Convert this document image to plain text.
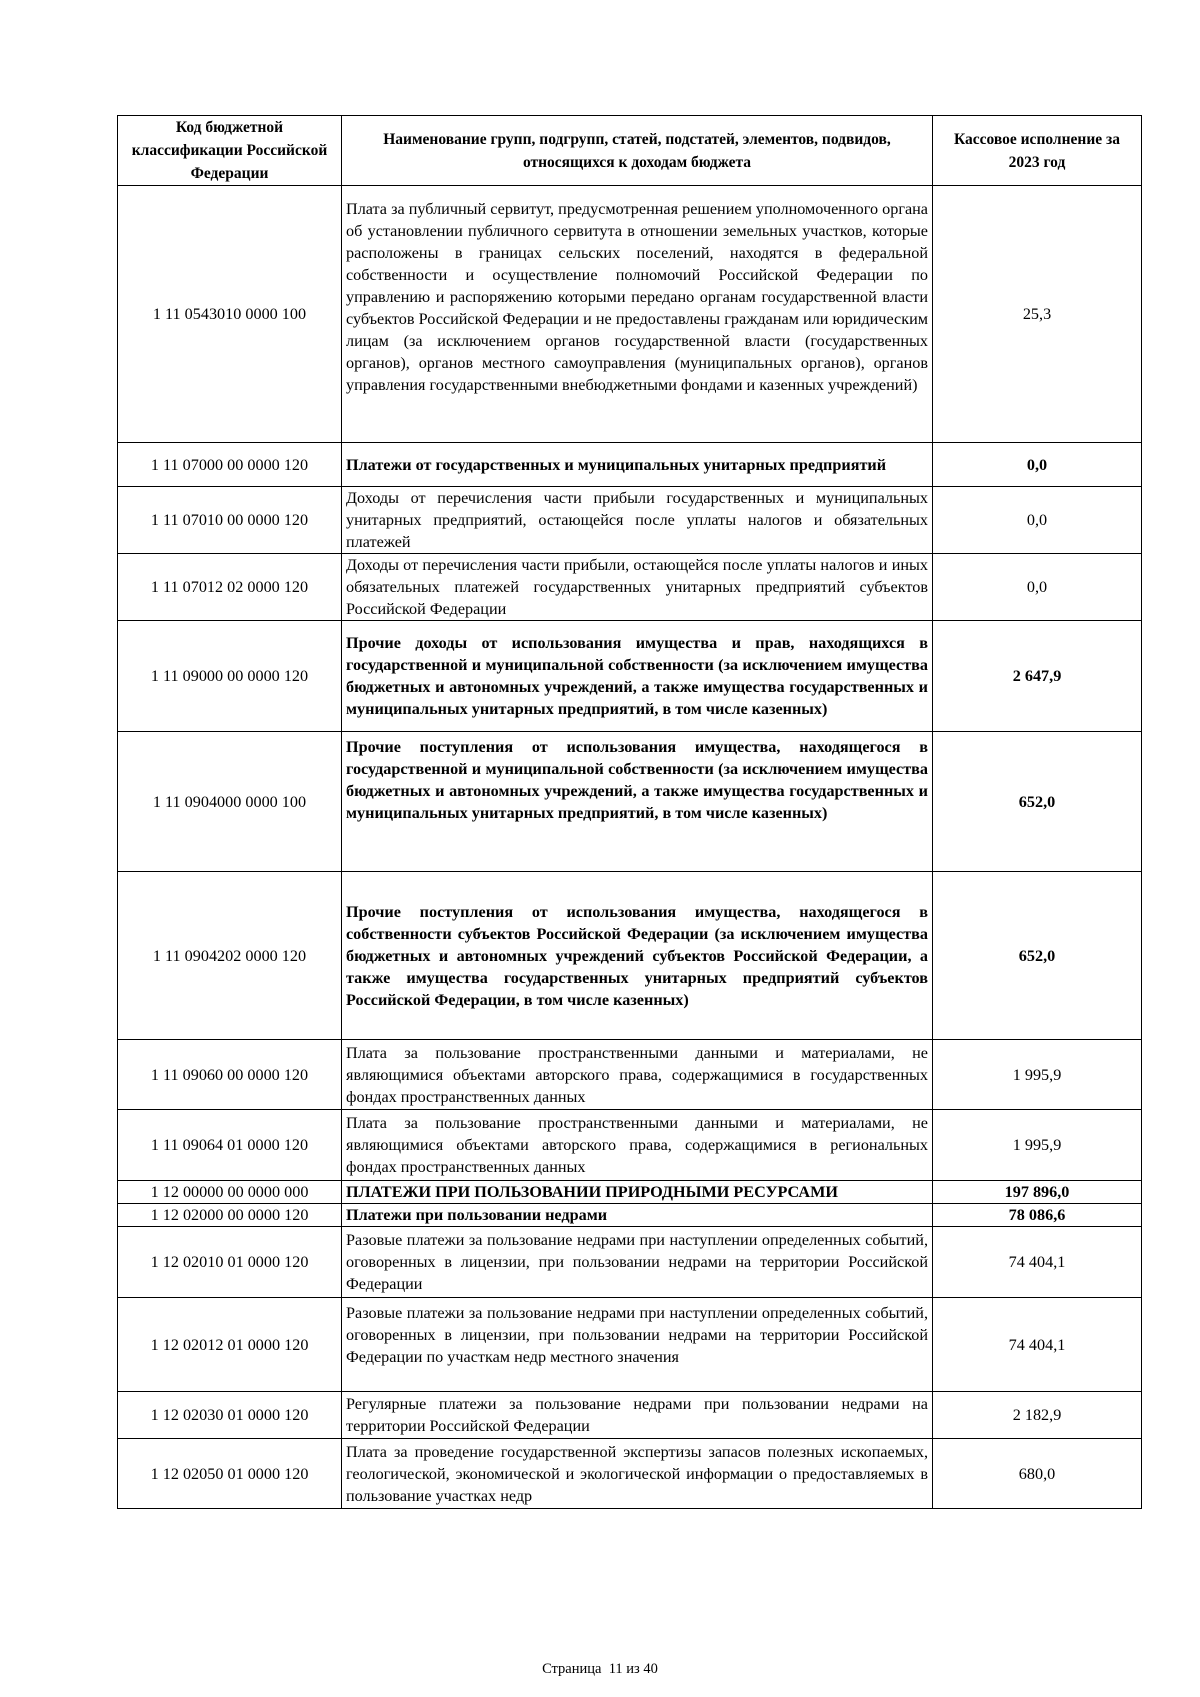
Код бюджетной классификации Российской Федерации	Наименование групп, подгрупп, статей, подстатей, элементов, подвидов, относящихся к доходам бюджета	Кассовое исполнение за 2023 год
1 11 0543010 0000 100	Плата за публичный сервитут, предусмотренная решением уполномоченного органа об установлении публичного сервитута в отношении земельных участков, которые расположены в границах сельских поселений, находятся в федеральной собственности и осуществление полномочий Российской Федерации по управлению и распоряжению которыми передано органам государственной власти субъектов Российской Федерации и не предоставлены гражданам или юридическим лицам (за исключением органов государственной власти (государственных органов), органов местного самоуправления (муниципальных органов), органов управления государственными внебюджетными фондами и казенных учреждений)	25,3
1 11 07000 00 0000 120	Платежи от государственных и муниципальных унитарных предприятий	0,0
1 11 07010 00 0000 120	Доходы от перечисления части прибыли государственных и муниципальных унитарных предприятий, остающейся после уплаты налогов и обязательных платежей	0,0
1 11 07012 02 0000 120	Доходы от перечисления части прибыли, остающейся после уплаты налогов и иных обязательных платежей государственных унитарных предприятий субъектов Российской Федерации	0,0
1 11 09000 00 0000 120	Прочие доходы от использования имущества и прав, находящихся в государственной и муниципальной собственности (за исключением имущества бюджетных и автономных учреждений, а также имущества государственных и муниципальных унитарных предприятий, в том числе казенных)	2 647,9
1 11 0904000 0000 100	Прочие поступления от использования имущества, находящегося в государственной и муниципальной собственности (за исключением имущества бюджетных и автономных учреждений, а также имущества государственных и муниципальных унитарных предприятий, в том числе казенных)	652,0
1 11 0904202 0000 120	Прочие поступления от использования имущества, находящегося в собственности субъектов Российской Федерации (за исключением имущества бюджетных и автономных учреждений субъектов Российской Федерации, а также имущества государственных унитарных предприятий субъектов Российской Федерации, в том числе казенных)	652,0
1 11 09060 00 0000 120	Плата за пользование пространственными данными и материалами, не являющимися объектами авторского права, содержащимися в государственных фондах пространственных данных	1 995,9
1 11 09064 01 0000 120	Плата за пользование пространственными данными и материалами, не являющимися объектами авторского права, содержащимися в региональных фондах пространственных данных	1 995,9
1 12 00000 00 0000 000	ПЛАТЕЖИ ПРИ ПОЛЬЗОВАНИИ ПРИРОДНЫМИ РЕСУРСАМИ	197 896,0
1 12 02000 00 0000 120	Платежи при пользовании недрами	78 086,6
1 12 02010 01 0000 120	Разовые платежи за пользование недрами при наступлении определенных событий, оговоренных в лицензии, при пользовании недрами на территории Российской Федерации	74 404,1
1 12 02012 01 0000 120	Разовые платежи за пользование недрами при наступлении определенных событий, оговоренных в лицензии, при пользовании недрами на территории Российской Федерации по участкам недр местного значения	74 404,1
1 12 02030 01 0000 120	Регулярные платежи за пользование недрами при пользовании недрами на территории Российской Федерации	2 182,9
1 12 02050 01 0000 120	Плата за проведение государственной экспертизы запасов полезных ископаемых, геологической, экономической и экологической информации о предоставляемых в пользование участках недр	680,0
Страница  11 из 40
